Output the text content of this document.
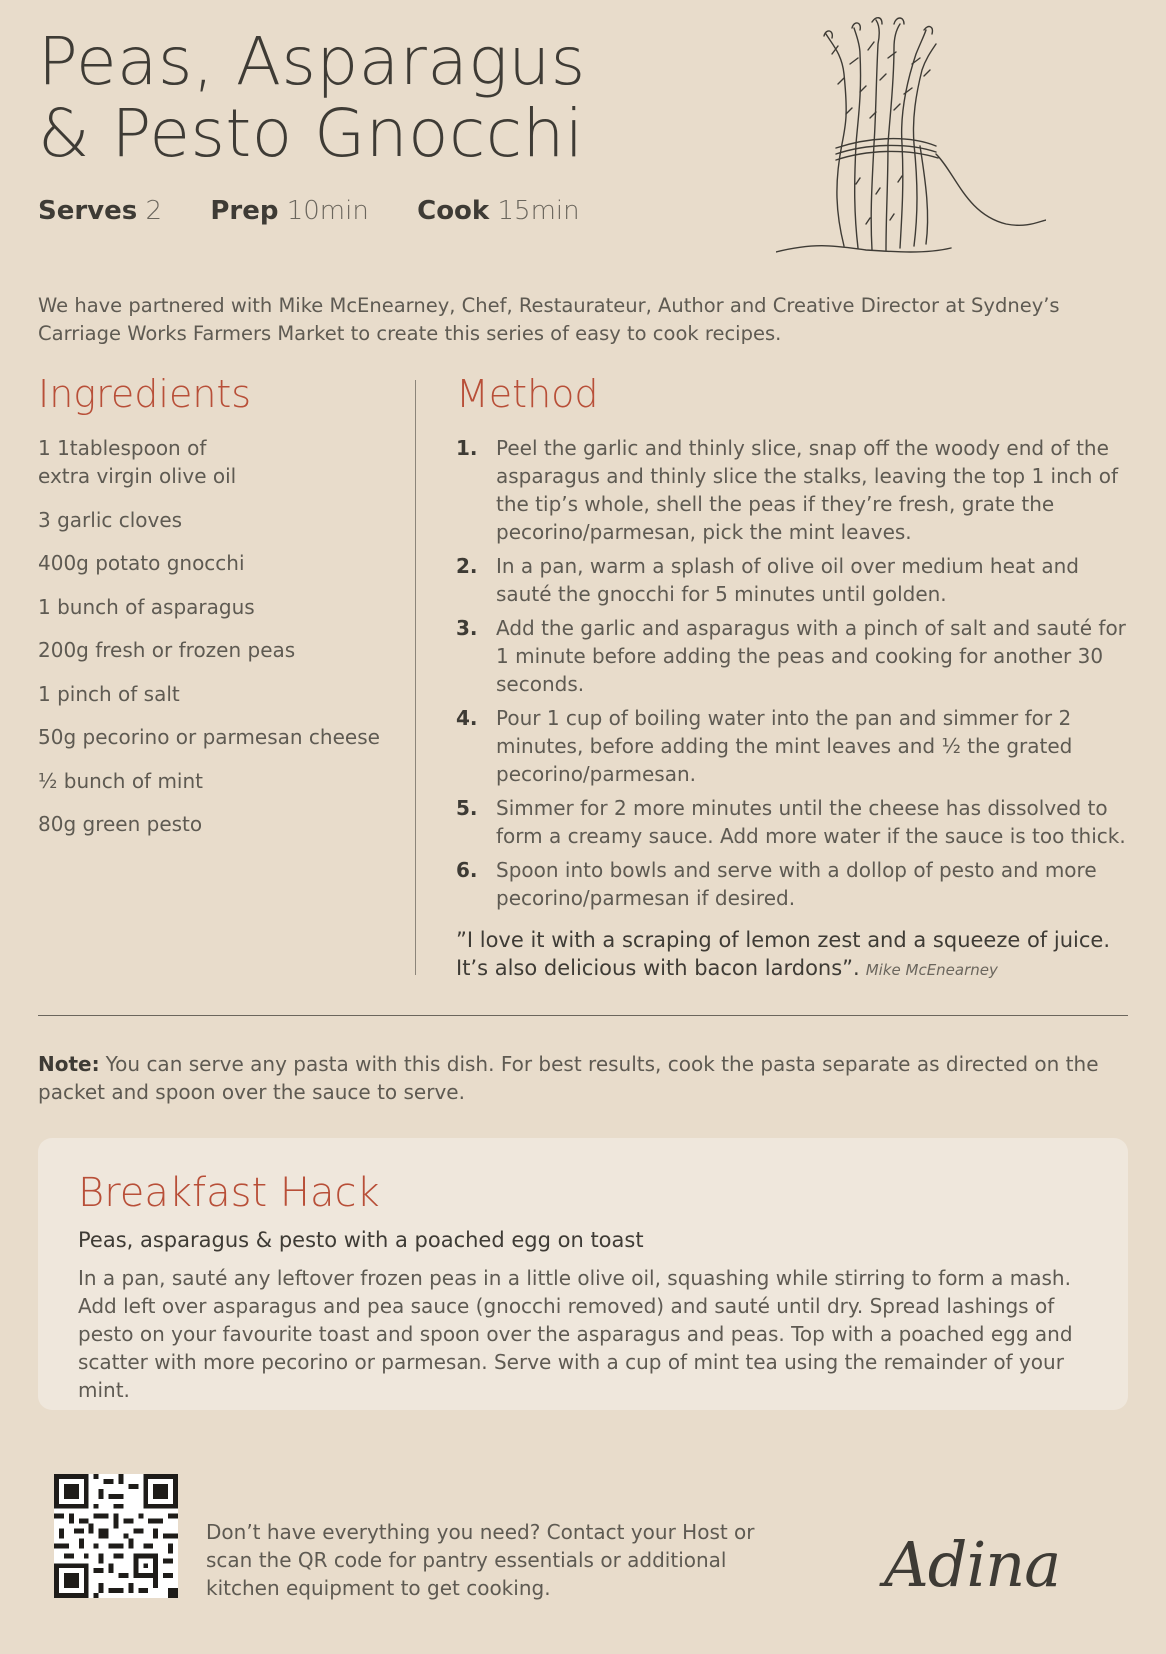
Peas, Asparagus
& Pesto Gnocchi
Serves 2 Prep 10min Cook 15min

We have partnered with Mike McEnearney, Chef, Restaurateur, Author and Creative Director at Sydney’s Carriage Works Farmers Market to create this series of easy to cook recipes.

Ingredients	Method
1 1tablespoon of extra virgin olive oil
3 garlic cloves
400g potato gnocchi
1 bunch of asparagus
200g fresh or frozen peas
1 pinch of salt
50g pecorino or parmesan cheese
½ bunch of mint
80g green pesto
1. Peel the garlic and thinly slice, snap off the woody end of the asparagus and thinly slice the stalks, leaving the top 1 inch of the tip’s whole, shell the peas if they’re fresh, grate the pecorino/parmesan, pick the mint leaves.
2. In a pan, warm a splash of olive oil over medium heat and sauté the gnocchi for 5 minutes until golden.
3. Add the garlic and asparagus with a pinch of salt and sauté for 1 minute before adding the peas and cooking for another 30 seconds.
4. Pour 1 cup of boiling water into the pan and simmer for 2 minutes, before adding the mint leaves and ½ the grated pecorino/parmesan.
5. Simmer for 2 more minutes until the cheese has dissolved to form a creamy sauce. Add more water if the sauce is too thick.
6. Spoon into bowls and serve with a dollop of pesto and more pecorino/parmesan if desired.
”I love it with a scraping of lemon zest and a squeeze of juice. It’s also delicious with bacon lardons”. Mike McEnearney

Note: You can serve any pasta with this dish. For best results, cook the pasta separate as directed on the packet and spoon over the sauce to serve.

Breakfast Hack
Peas, asparagus & pesto with a poached egg on toast

In a pan, sauté any leftover frozen peas in a little olive oil, squashing while stirring to form a mash. Add left over asparagus and pea sauce (gnocchi removed) and sauté until dry. Spread lashings of pesto on your favourite toast and spoon over the asparagus and peas. Top with a poached egg and scatter with more pecorino or parmesan. Serve with a cup of mint tea using the remainder of your mint.

Don’t have everything you need? Contact your Host or scan the QR code for pantry essentials or additional kitchen equipment to get cooking.	Adina
